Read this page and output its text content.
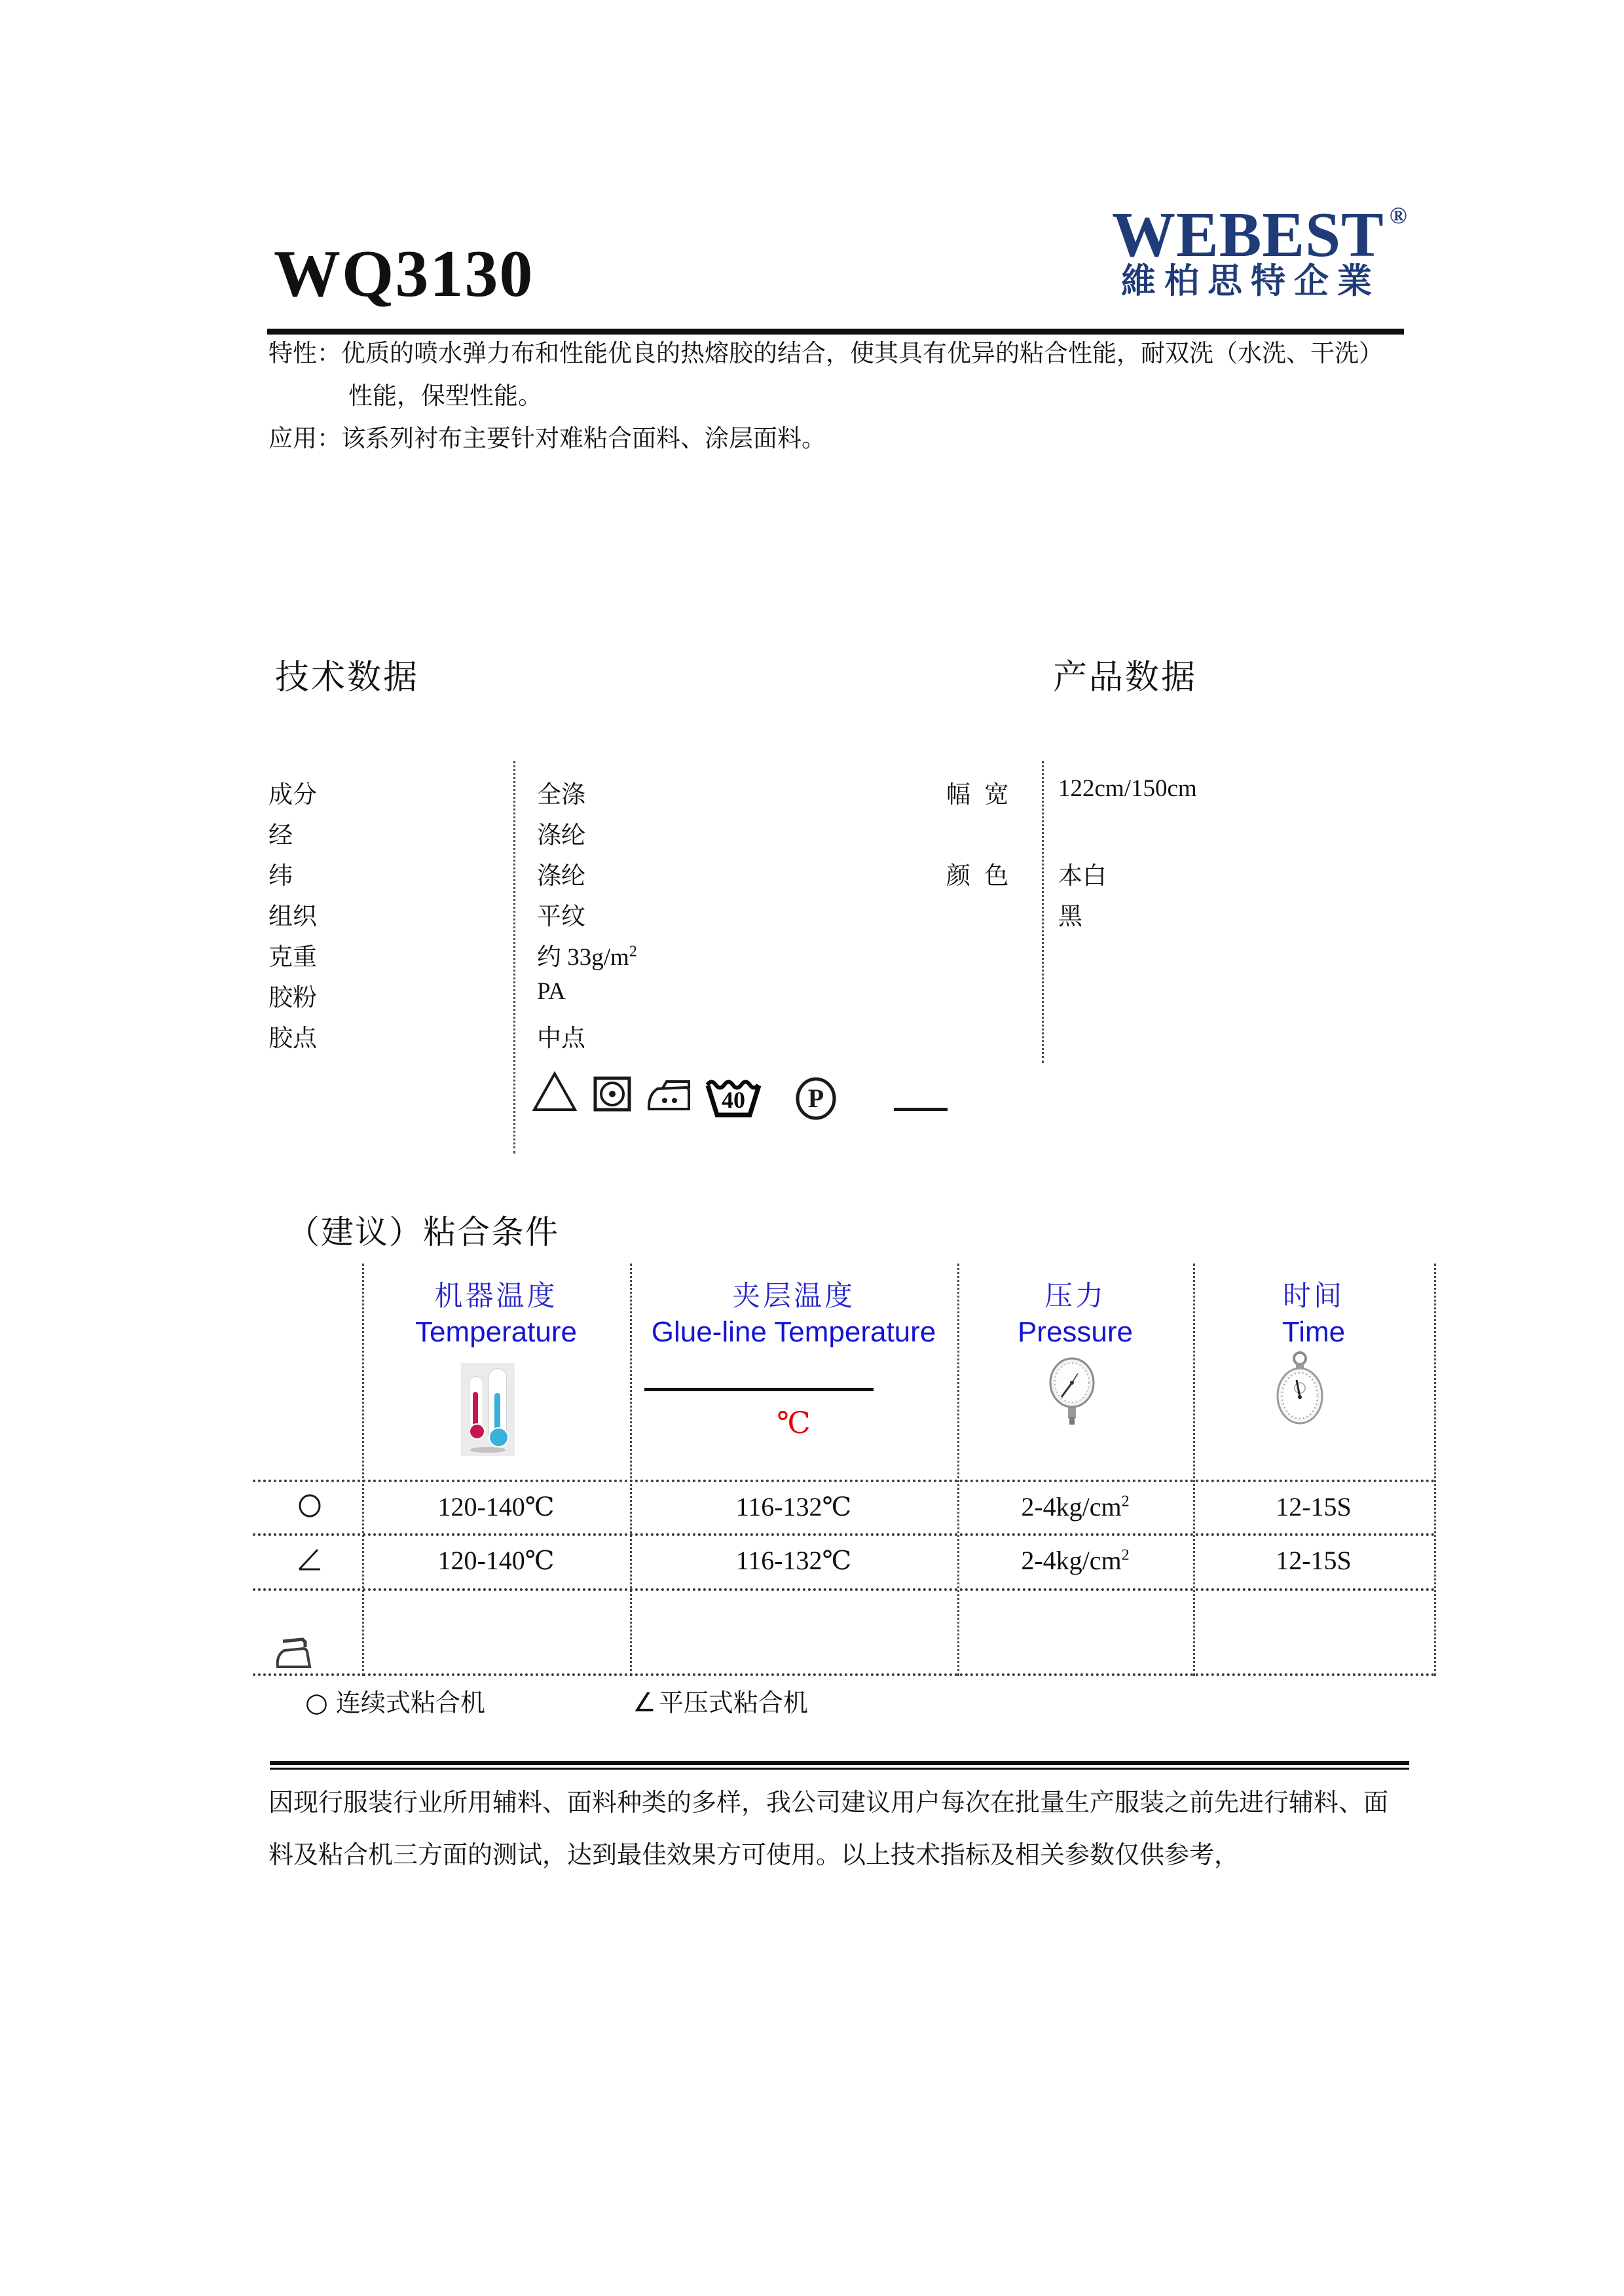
WQ3130
WEBEST ®
維柏思特企業
特性：优质的喷水弹力布和性能优良的热熔胶的结合，使其具有优异的粘合性能，耐双洗（水洗、干洗）
性能，保型性能。
应用：该系列衬布主要针对难粘合面料、涂层面料。
技术数据	产品数据
成分	全涤
经	涤纶
纬	涤纶
组织	平纹
克重	约 $33g/m^2$
胶粉	PA
胶点	中点
幅 宽 122cm/150cm
颜 色 本白
黑
40 P
（建议）粘合条件
机器温度	夹层温度	压力	时间
Temperature	Glue-line Temperature	Pressure	Time
℃
120-140℃	116-132℃	$2-4kg/cm^2$	12-15S
120-140℃	116-132℃	$2-4kg/cm^2$	12-15S
○ 连续式粘合机	∠ 平压式粘合机
因现行服装行业所用辅料、面料种类的多样，我公司建议用户每次在批量生产服装之前先进行辅料、面
料及粘合机三方面的测试，达到最佳效果方可使用。以上技术指标及相关参数仅供参考，
